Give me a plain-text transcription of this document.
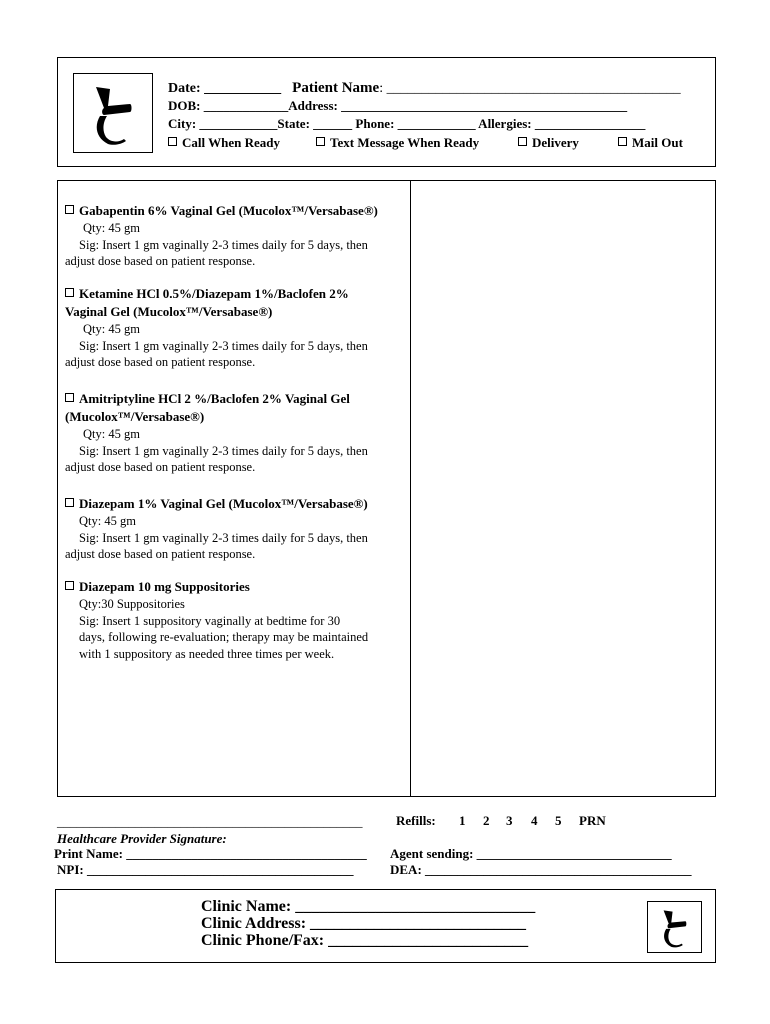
Date: ___________ Patient Name: __________________________________________
DOB: _____________Address: ____________________________________________
City: ____________State: ______ Phone: ____________ Allergies: _________________
Call When Ready	Text Message When Ready	Delivery	Mail Out
Gabapentin 6% Vaginal Gel (Mucolox™/Versabase®)
Qty: 45 gm
Sig: Insert 1 gm vaginally 2-3 times daily for 5 days, then
adjust dose based on patient response.
Ketamine HCl 0.5%/Diazepam 1%/Baclofen 2%
Vaginal Gel (Mucolox™/Versabase®)
Qty: 45 gm
Sig: Insert 1 gm vaginally 2-3 times daily for 5 days, then
adjust dose based on patient response.
Amitriptyline HCl 2 %/Baclofen 2% Vaginal Gel
(Mucolox™/Versabase®)
Qty: 45 gm
Sig: Insert 1 gm vaginally 2-3 times daily for 5 days, then
adjust dose based on patient response.
Diazepam 1% Vaginal Gel (Mucolox™/Versabase®)
Qty: 45 gm
Sig: Insert 1 gm vaginally 2-3 times daily for 5 days, then
adjust dose based on patient response.
Diazepam 10 mg Suppositories
Qty:30 Suppositories
Sig: Insert 1 suppository vaginally at bedtime for 30
days, following re-evaluation; therapy may be maintained
with 1 suppository as needed three times per week.
_______________________________________________
Healthcare Provider Signature:
Print Name: _____________________________________
NPI: _________________________________________
Refills: 1 2 3 4 5 PRN
Agent sending: ______________________________
DEA: _________________________________________
Clinic Name: ______________________________
Clinic Address: ___________________________
Clinic Phone/Fax: _________________________
